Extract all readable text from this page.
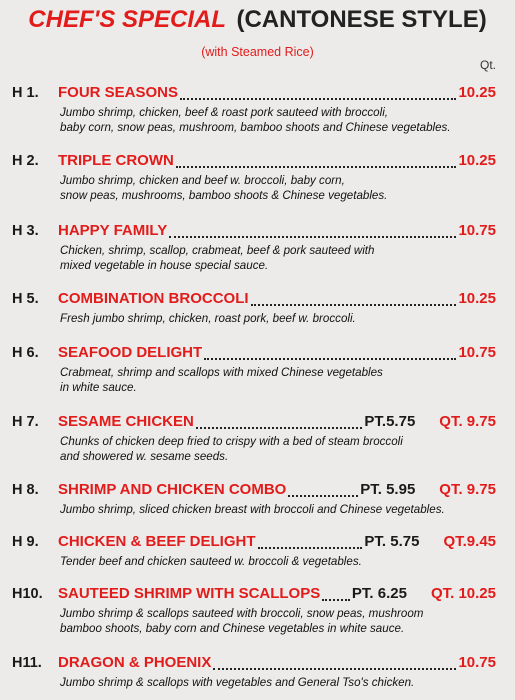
CHEF'S SPECIAL (CANTONESE STYLE)
(with Steamed Rice)
Qt.
H 1.	FOUR SEASONS	10.25
Jumbo shrimp, chicken, beef & roast pork sauteed with broccoli,
baby corn, snow peas, mushroom, bamboo shoots and Chinese vegetables.
H 2.	TRIPLE CROWN	10.25
Jumbo shrimp, chicken and beef w. broccoli, baby corn,
snow peas, mushrooms, bamboo shoots & Chinese vegetables.
H 3.	HAPPY FAMILY	10.75
Chicken, shrimp, scallop, crabmeat, beef & pork sauteed with
mixed vegetable in house special sauce.
H 5.	COMBINATION BROCCOLI	10.25
Fresh jumbo shrimp, chicken, roast pork, beef w. broccoli.
H 6.	SEAFOOD DELIGHT	10.75
Crabmeat, shrimp and scallops with mixed Chinese vegetables
in white sauce.
H 7.	SESAME CHICKEN	PT.5.75 QT. 9.75
Chunks of chicken deep fried to crispy with a bed of steam broccoli
and showered w. sesame seeds.
H 8.	SHRIMP AND CHICKEN COMBO	PT. 5.95 QT. 9.75
Jumbo shrimp, sliced chicken breast with broccoli and Chinese vegetables.
H 9.	CHICKEN & BEEF DELIGHT	PT. 5.75 QT.9.45
Tender beef and chicken sauteed w. broccoli & vegetables.
H10.	SAUTEED SHRIMP WITH SCALLOPS PT. 6.25 QT. 10.25
Jumbo shrimp & scallops sauteed with broccoli, snow peas, mushroom
bamboo shoots, baby corn and Chinese vegetables in white sauce.
H11.	DRAGON & PHOENIX	10.75
Jumbo shrimp & scallops with vegetables and General Tso's chicken.
